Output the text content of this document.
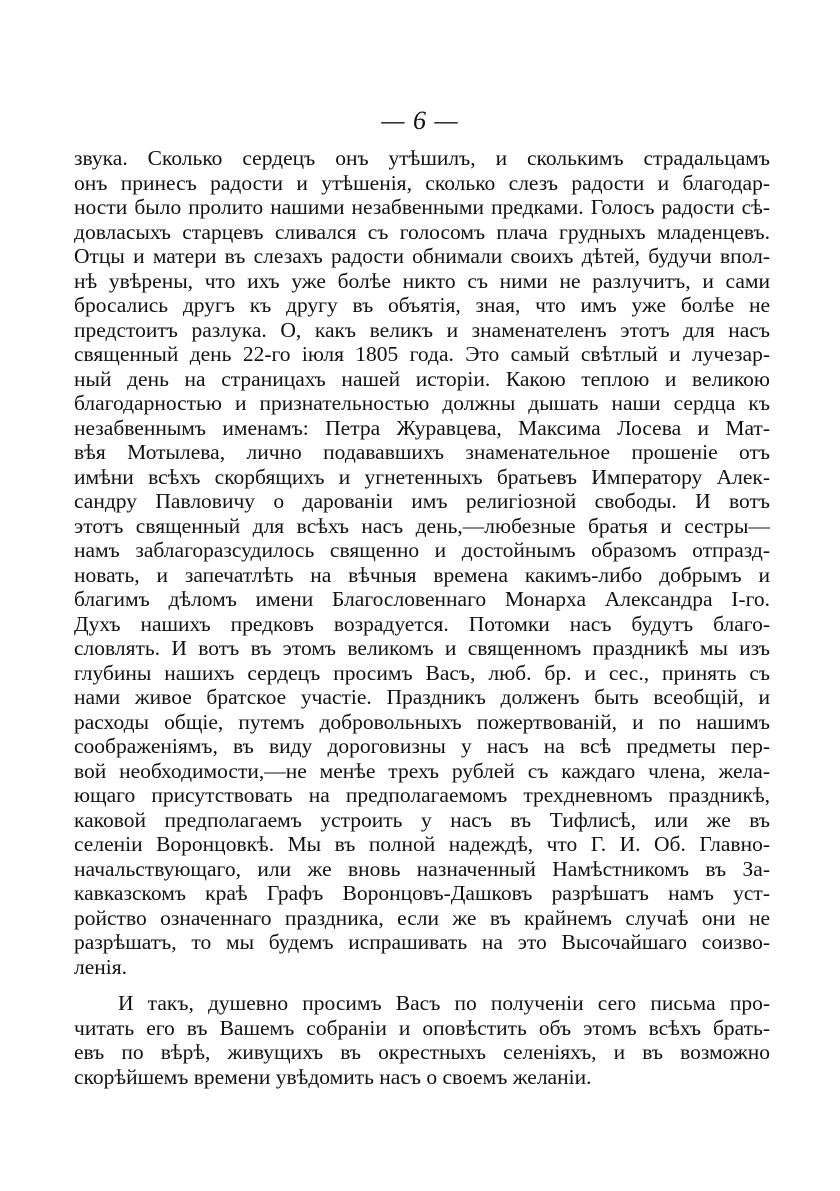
— 6 —
звука. Сколько сердецъ онъ утѣшилъ, и сколькимъ страдальцамъ
онъ принесъ радости и утѣшенія, сколько слезъ радости и благодар-
ности было пролито нашими незабвенными предками. Голосъ радости сѣ-
довласыхъ старцевъ сливался съ голосомъ плача грудныхъ младенцевъ.
Отцы и матери въ слезахъ радости обнимали своихъ дѣтей, будучи впол-
нѣ увѣрены, что ихъ уже болѣе никто съ ними не разлучитъ, и сами
бросались другъ къ другу въ объятія, зная, что имъ уже болѣе не
предстоитъ разлука. О, какъ великъ и знаменателенъ этотъ для насъ
священный день 22-го іюля 1805 года. Это самый свѣтлый и лучезар-
ный день на страницахъ нашей исторіи. Какою теплою и великою
благодарностью и признательностью должны дышать наши сердца къ
незабвеннымъ именамъ: Петра Журавцева, Максима Лосева и Мат-
вѣя Мотылева, лично подававшихъ знаменательное прошеніе отъ
имѣни всѣхъ скорбящихъ и угнетенныхъ братьевъ Императору Алек-
сандру Павловичу о дарованіи имъ религіозной свободы. И вотъ
этотъ священный для всѣхъ насъ день,—любезные братья и сестры—
намъ заблагоразсудилось священно и достойнымъ образомъ отпразд-
новать, и запечатлѣть на вѣчныя времена какимъ-либо добрымъ и
благимъ дѣломъ имени Благословеннаго Монарха Александра I-го.
Духъ нашихъ предковъ возрадуется. Потомки насъ будутъ благо-
словлять. И вотъ въ этомъ великомъ и священномъ праздникѣ мы изъ
глубины нашихъ сердецъ просимъ Васъ, люб. бр. и сес., принять съ
нами живое братское участіе. Праздникъ долженъ быть всеобщій, и
расходы общіе, путемъ добровольныхъ пожертвованій, и по нашимъ
соображеніямъ, въ виду дороговизны у насъ на всѣ предметы пер-
вой необходимости,—не менѣе трехъ рублей съ каждаго члена, жела-
ющаго присутствовать на предполагаемомъ трехдневномъ праздникѣ,
каковой предполагаемъ устроить у насъ въ Тифлисѣ, или же въ
селеніи Воронцовкѣ. Мы въ полной надеждѣ, что Г. И. Об. Главно-
начальствующаго, или же вновь назначенный Намѣстникомъ въ За-
кавказскомъ краѣ Графъ Воронцовъ-Дашковъ разрѣшатъ намъ уст-
ройство означеннаго праздника, если же въ крайнемъ случаѣ они не
разрѣшатъ, то мы будемъ испрашивать на это Высочайшаго соизво-
ленія.
И такъ, душевно просимъ Васъ по полученіи сего письма про-
читать его въ Вашемъ собраніи и оповѣстить объ этомъ всѣхъ брать-
евъ по вѣрѣ, живущихъ въ окрестныхъ селеніяхъ, и въ возможно
скорѣйшемъ времени увѣдомить насъ о своемъ желаніи.
